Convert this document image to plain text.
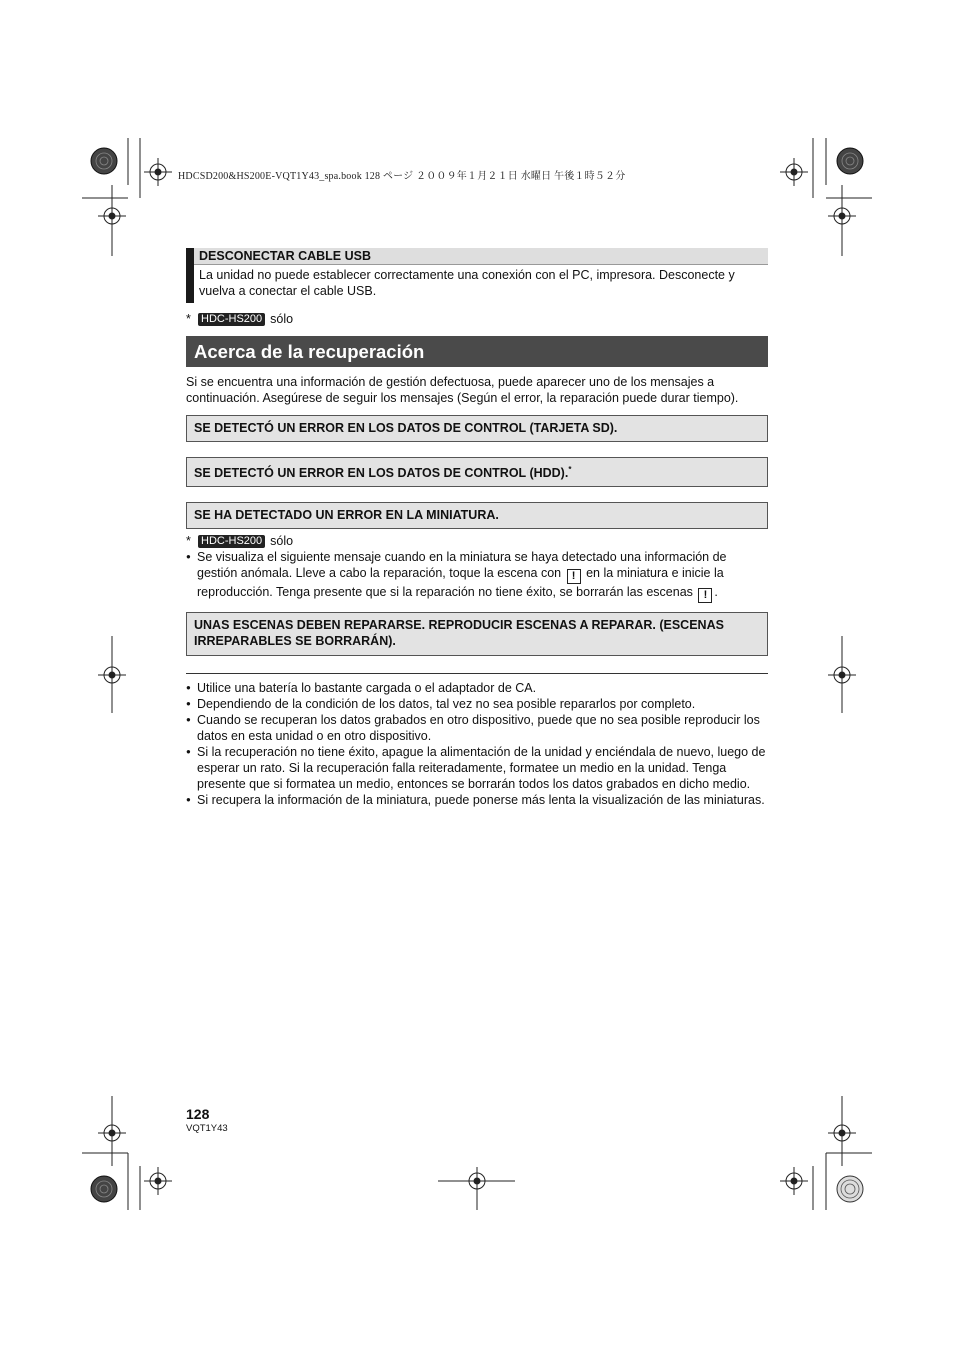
HDCSD200&HS200E-VQT1Y43_spa.book 128 ページ ２００９年１月２１日 水曜日 午後１時５２分
DESCONECTAR CABLE USB
La unidad no puede establecer correctamente una conexión con el PC, impresora. Desconecte y vuelva a conectar el cable USB.
* HDC-HS200 sólo
Acerca de la recuperación
Si se encuentra una información de gestión defectuosa, puede aparecer uno de los mensajes a continuación. Asegúrese de seguir los mensajes (Según el error, la reparación puede durar tiempo).
SE DETECTÓ UN ERROR EN LOS DATOS DE CONTROL (TARJETA SD).
SE DETECTÓ UN ERROR EN LOS DATOS DE CONTROL (HDD).*
SE HA DETECTADO UN ERROR EN LA MINIATURA.
* HDC-HS200 sólo
● Se visualiza el siguiente mensaje cuando en la miniatura se haya detectado una información de gestión anómala. Lleve a cabo la reparación, toque la escena con ! en la miniatura e inicie la reproducción. Tenga presente que si la reparación no tiene éxito, se borrarán las escenas ! .
UNAS ESCENAS DEBEN REPARARSE. REPRODUCIR ESCENAS A REPARAR. (ESCENAS IRREPARABLES SE BORRARÁN).
● Utilice una batería lo bastante cargada o el adaptador de CA.
● Dependiendo de la condición de los datos, tal vez no sea posible repararlos por completo.
● Cuando se recuperan los datos grabados en otro dispositivo, puede que no sea posible reproducir los datos en esta unidad o en otro dispositivo.
● Si la recuperación no tiene éxito, apague la alimentación de la unidad y enciéndala de nuevo, luego de esperar un rato. Si la recuperación falla reiteradamente, formatee un medio en la unidad. Tenga presente que si formatea un medio, entonces se borrarán todos los datos grabados en dicho medio.
● Si recupera la información de la miniatura, puede ponerse más lenta la visualización de las miniaturas.
128
VQT1Y43
